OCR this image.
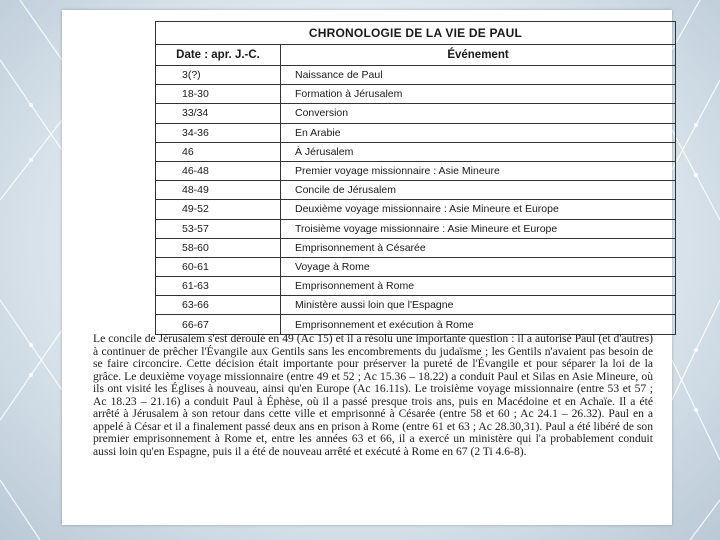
CHRONOLOGIE DE LA VIE DE PAUL	
Date : apr. J.-C.	Événement
3(?)	Naissance de Paul
18-30	Formation à Jérusalem
33/34	Conversion
34-36	En Arabie
46	À Jérusalem
46-48	Premier voyage missionnaire : Asie Mineure
48-49	Concile de Jérusalem
49-52	Deuxième voyage missionnaire : Asie Mineure et Europe
53-57	Troisième voyage missionnaire : Asie Mineure et Europe
58-60	Emprisonnement à Césarée
60-61	Voyage à Rome
61-63	Emprisonnement à Rome
63-66	Ministère aussi loin que l'Espagne
66-67	Emprisonnement et exécution à Rome

Le concile de Jérusalem s'est déroulé en 49 (Ac 15) et il a résolu une importante question : il a autorisé Paul (et d'autres) à continuer de prêcher l'Évangile aux Gentils sans les encombrements du judaïsme ; les Gentils n'avaient pas besoin de se faire circoncire. Cette décision était importante pour préserver la pureté de l'Évangile et pour séparer la loi de la grâce. Le deuxième voyage missionnaire (entre 49 et 52 ; Ac 15.36 – 18.22) a conduit Paul et Silas en Asie Mineure, où ils ont visité les Églises à nouveau, ainsi qu'en Europe (Ac 16.11s). Le troisième voyage missionnaire (entre 53 et 57 ; Ac 18.23 – 21.16) a conduit Paul à Éphèse, où il a passé presque trois ans, puis en Macédoine et en Achaïe. Il a été arrêté à Jérusalem à son retour dans cette ville et emprisonné à Césarée (entre 58 et 60 ; Ac 24.1 – 26.32). Paul en a appelé à César et il a finalement passé deux ans en prison à Rome (entre 61 et 63 ; Ac 28.30,31). Paul a été libéré de son premier emprisonnement à Rome et, entre les années 63 et 66, il a exercé un ministère qui l'a probablement conduit aussi loin qu'en Espagne, puis il a été de nouveau arrêté et exécuté à Rome en 67 (2 Ti 4.6-8).
